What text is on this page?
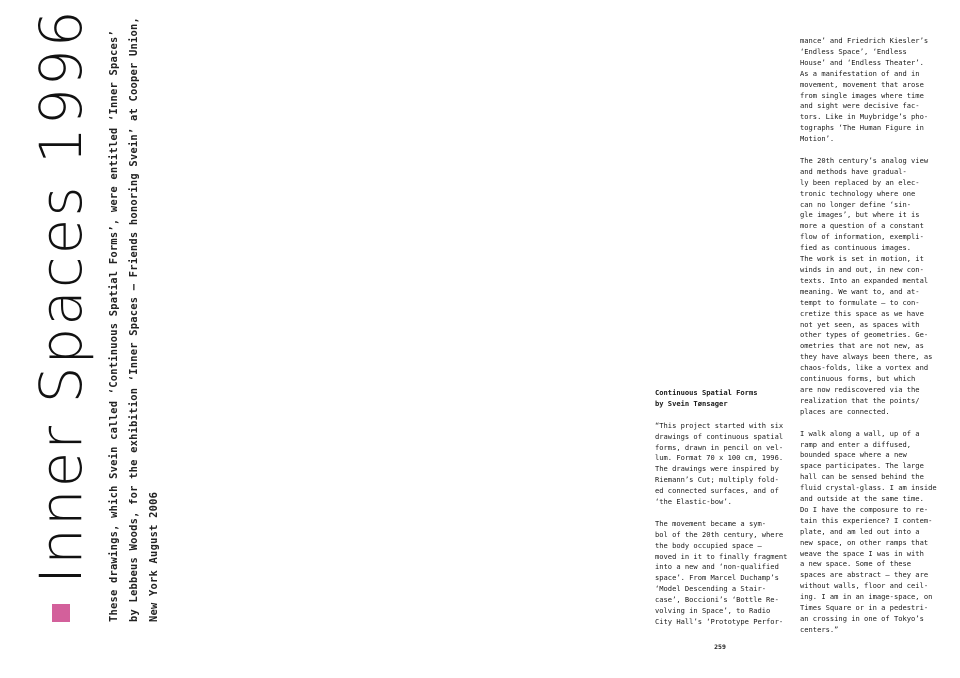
Inner Spaces 1996 These drawings, which Svein called ‘Continuous Spatial Forms’, were entitled ‘Inner Spaces’ by Lebbeus Woods, for the exhibition ‘Inner Spaces – Friends honoring Svein’ at Cooper Union, New York August 2006

Continuous Spatial Forms
by Svein Tønsager

“This project started with six
drawings of continuous spatial
forms, drawn in pencil on vel-
lum. Format 70 x 100 cm, 1996.
The drawings were inspired by
Riemann’s Cut; multiply fold-
ed connected surfaces, and of
‘the Elastic-bow’.

The movement became a sym-
bol of the 20th century, where
the body occupied space –
moved in it to finally fragment
into a new and ‘non-qualified
space’. From Marcel Duchamp’s
‘Model Descending a Stair-
case’, Boccioni’s ‘Bottle Re-
volving in Space’, to Radio
City Hall’s ‘Prototype Perfor-

mance’ and Friedrich Kiesler’s
‘Endless Space’, ‘Endless
House’ and ‘Endless Theater’.
As a manifestation of and in
movement, movement that arose
from single images where time
and sight were decisive fac-
tors. Like in Muybridge’s pho-
tographs ‘The Human Figure in
Motion’.

The 20th century’s analog view
and methods have gradual-
ly been replaced by an elec-
tronic technology where one
can no longer define ‘sin-
gle images’, but where it is
more a question of a constant
flow of information, exempli-
fied as continuous images.

The work is set in motion, it
winds in and out, in new con-
texts. Into an expanded mental
meaning. We want to, and at-
tempt to formulate – to con-
cretize this space as we have
not yet seen, as spaces with
other types of geometries. Ge-
ometries that are not new, as
they have always been there, as
chaos-folds, like a vortex and
continuous forms, but which
are now rediscovered via the
realization that the points/
places are connected.

I walk along a wall, up of a
ramp and enter a diffused,
bounded space where a new
space participates. The large
hall can be sensed behind the
fluid crystal-glass. I am inside
and outside at the same time.
Do I have the composure to re-
tain this experience? I contem-
plate, and am led out into a
new space, on other ramps that
weave the space I was in with
a new space. Some of these
spaces are abstract – they are
without walls, floor and ceil-
ing. I am in an image-space, on
Times Square or in a pedestri-
an crossing in one of Tokyo’s
centers.”

259
